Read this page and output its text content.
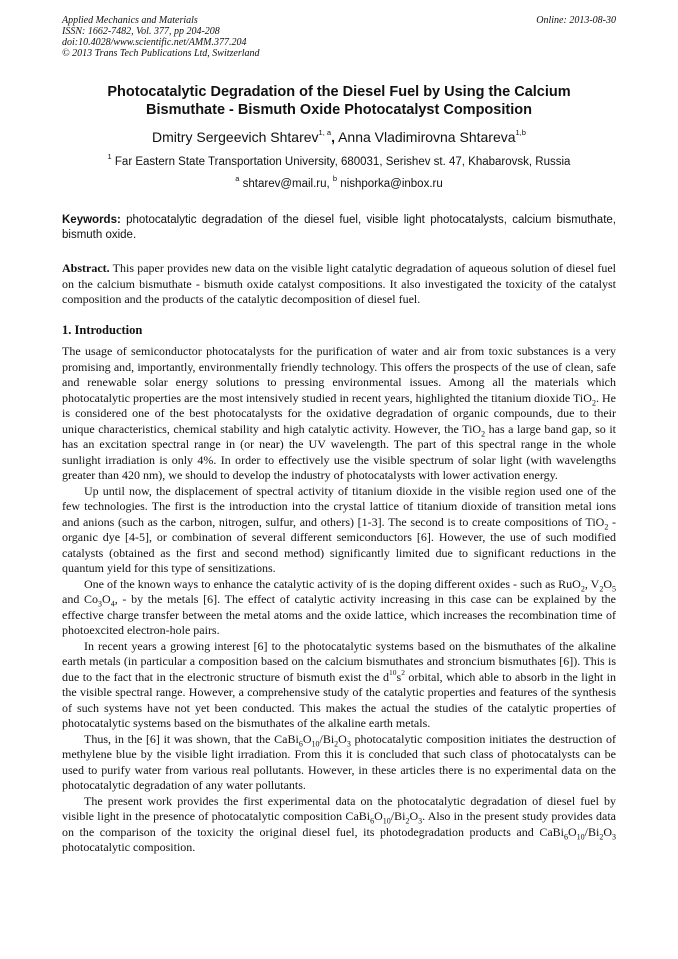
Applied Mechanics and Materials
ISSN: 1662-7482, Vol. 377, pp 204-208
doi:10.4028/www.scientific.net/AMM.377.204
© 2013 Trans Tech Publications Ltd, Switzerland
Online: 2013-08-30
Photocatalytic Degradation of the Diesel Fuel by Using the Calcium
Bismuthate - Bismuth Oxide Photocatalyst Composition
Dmitry Sergeevich Shtarev$^{1, a}$, Anna Vladimirovna Shtareva$^{1,b}$
$^1$ Far Eastern State Transportation University, 680031, Serishev st. 47, Khabarovsk, Russia
$^a$ shtarev@mail.ru, $^b$ nishporka@inbox.ru
Keywords: photocatalytic degradation of the diesel fuel, visible light photocatalysts, calcium bismuthate, bismuth oxide.
Abstract. This paper provides new data on the visible light catalytic degradation of aqueous solution of diesel fuel on the calcium bismuthate - bismuth oxide catalyst compositions. It also investigated the toxicity of the catalyst composition and the products of the catalytic decomposition of diesel fuel.
1. Introduction

The usage of semiconductor photocatalysts for the purification of water and air from toxic substances is a very promising and, importantly, environmentally friendly technology. This offers the prospects of the use of clean, safe and renewable solar energy solutions to pressing environmental issues. Among all the materials which photocatalytic properties are the most intensively studied in recent years, highlighted the titanium dioxide TiO$_2$. He is considered one of the best photocatalysts for the oxidative degradation of organic compounds, due to their unique characteristics, chemical stability and high catalytic activity. However, the TiO$_2$ has a large band gap, so it has an excitation spectral range in (or near) the UV wavelength. The part of this spectral range in the whole sunlight irradiation is only 4%. In order to effectively use the visible spectrum of solar light (with wavelengths greater than 420 nm), we should to develop the industry of photocatalysts with lower activation energy.

Up until now, the displacement of spectral activity of titanium dioxide in the visible region used one of the few technologies. The first is the introduction into the crystal lattice of titanium dioxide of transition metal ions and anions (such as the carbon, nitrogen, sulfur, and others) [1-3]. The second is to create compositions of TiO$_2$ - organic dye [4-5], or combination of several different semiconductors [6]. However, the use of such modified catalysts (obtained as the first and second method) significantly limited due to significant reductions in the quantum yield for this type of sensitizations.

One of the known ways to enhance the catalytic activity of is the doping different oxides - such as RuO$_2$, $V_2O_5$ and $Co_3O_4$, - by the metals [6]. The effect of catalytic activity increasing in this case can be explained by the effective charge transfer between the metal atoms and the oxide lattice, which increases the recombination time of photoexcited electron-hole pairs.

In recent years a growing interest [6] to the photocatalytic systems based on the bismuthates of the alkaline earth metals (in particular a composition based on the calcium bismuthates and stroncium bismuthates [6]). This is due to the fact that in the electronic structure of bismuth exist the $d^{10}s^2$ orbital, which able to absorb in the light in the visible spectral range. However, a comprehensive study of the catalytic properties and features of the synthesis of such systems have not yet been conducted. This makes the actual the studies of the catalytic properties of photocatalytic systems based on the bismuthates of the alkaline earth metals.

Thus, in the [6] it was shown, that the $CaBi_6O_{10}/Bi_2O_3$ photocatalytic composition initiates the destruction of methylene blue by the visible light irradiation. From this it is concluded that such class of photocatalysts can be used to purify water from various real pollutants. However, in these articles there is no experimental data on the photocatalytic degradation of any water pollutants.

The present work provides the first experimental data on the photocatalytic degradation of diesel fuel by visible light in the presence of photocatalytic composition $CaBi_6O_{10}/Bi_2O_3$. Also in the present study provides data on the comparison of the toxicity the original diesel fuel, its photodegradation products and $CaBi_6O_{10}/Bi_2O_3$ photocatalytic composition.
